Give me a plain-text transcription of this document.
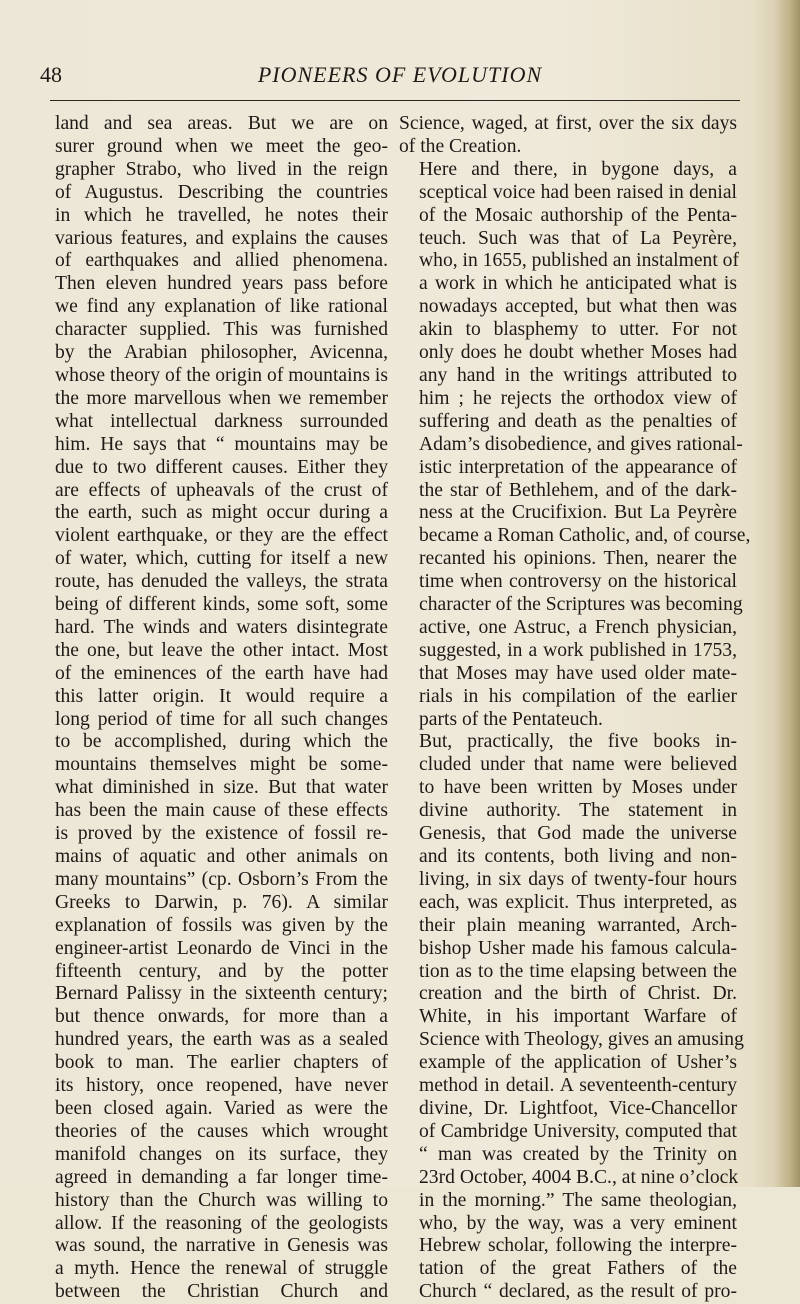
48	PIONEERS OF EVOLUTION

land and sea areas. But we are on
surer ground when we meet the geo-
grapher Strabo, who lived in the reign
of Augustus. Describing the countries
in which he travelled, he notes their
various features, and explains the causes
of earthquakes and allied phenomena.
Then eleven hundred years pass before
we find any explanation of like rational
character supplied. This was furnished
by the Arabian philosopher, Avicenna,
whose theory of the origin of mountains is
the more marvellous when we remember
what intellectual darkness surrounded
him. He says that “ mountains may be
due to two different causes. Either they
are effects of upheavals of the crust of
the earth, such as might occur during a
violent earthquake, or they are the effect
of water, which, cutting for itself a new
route, has denuded the valleys, the strata
being of different kinds, some soft, some
hard. The winds and waters disintegrate
the one, but leave the other intact. Most
of the eminences of the earth have had
this latter origin. It would require a
long period of time for all such changes
to be accomplished, during which the
mountains themselves might be some-
what diminished in size. But that water
has been the main cause of these effects
is proved by the existence of fossil re-
mains of aquatic and other animals on
many mountains” (cp. Osborn’s From the
Greeks to Darwin, p. 76). A similar
explanation of fossils was given by the
engineer-artist Leonardo de Vinci in the
fifteenth century, and by the potter
Bernard Palissy in the sixteenth century;
but thence onwards, for more than a
hundred years, the earth was as a sealed
book to man. The earlier chapters of
its history, once reopened, have never
been closed again. Varied as were the
theories of the causes which wrought
manifold changes on its surface, they
agreed in demanding a far longer time-
history than the Church was willing to
allow. If the reasoning of the geologists
was sound, the narrative in Genesis was
a myth. Hence the renewal of struggle
between the Christian Church and

Science, waged, at first, over the six days
of the Creation.

Here and there, in bygone days, a
sceptical voice had been raised in denial
of the Mosaic authorship of the Penta-
teuch. Such was that of La Peyrère,
who, in 1655, published an instalment of
a work in which he anticipated what is
nowadays accepted, but what then was
akin to blasphemy to utter. For not
only does he doubt whether Moses had
any hand in the writings attributed to
him ; he rejects the orthodox view of
suffering and death as the penalties of
Adam’s disobedience, and gives rational-
istic interpretation of the appearance of
the star of Bethlehem, and of the dark-
ness at the Crucifixion. But La Peyrère
became a Roman Catholic, and, of course,
recanted his opinions. Then, nearer the
time when controversy on the historical
character of the Scriptures was becoming
active, one Astruc, a French physician,
suggested, in a work published in 1753,
that Moses may have used older mate-
rials in his compilation of the earlier
parts of the Pentateuch.

But, practically, the five books in-
cluded under that name were believed
to have been written by Moses under
divine authority. The statement in
Genesis, that God made the universe
and its contents, both living and non-
living, in six days of twenty-four hours
each, was explicit. Thus interpreted, as
their plain meaning warranted, Arch-
bishop Usher made his famous calcula-
tion as to the time elapsing between the
creation and the birth of Christ. Dr.
White, in his important Warfare of
Science with Theology, gives an amusing
example of the application of Usher’s
method in detail. A seventeenth-century
divine, Dr. Lightfoot, Vice-Chancellor
of Cambridge University, computed that
“ man was created by the Trinity on
23rd October, 4004 B.C., at nine o’clock
in the morning.” The same theologian,
who, by the way, was a very eminent
Hebrew scholar, following the interpre-
tation of the great Fathers of the
Church “ declared, as the result of pro-
